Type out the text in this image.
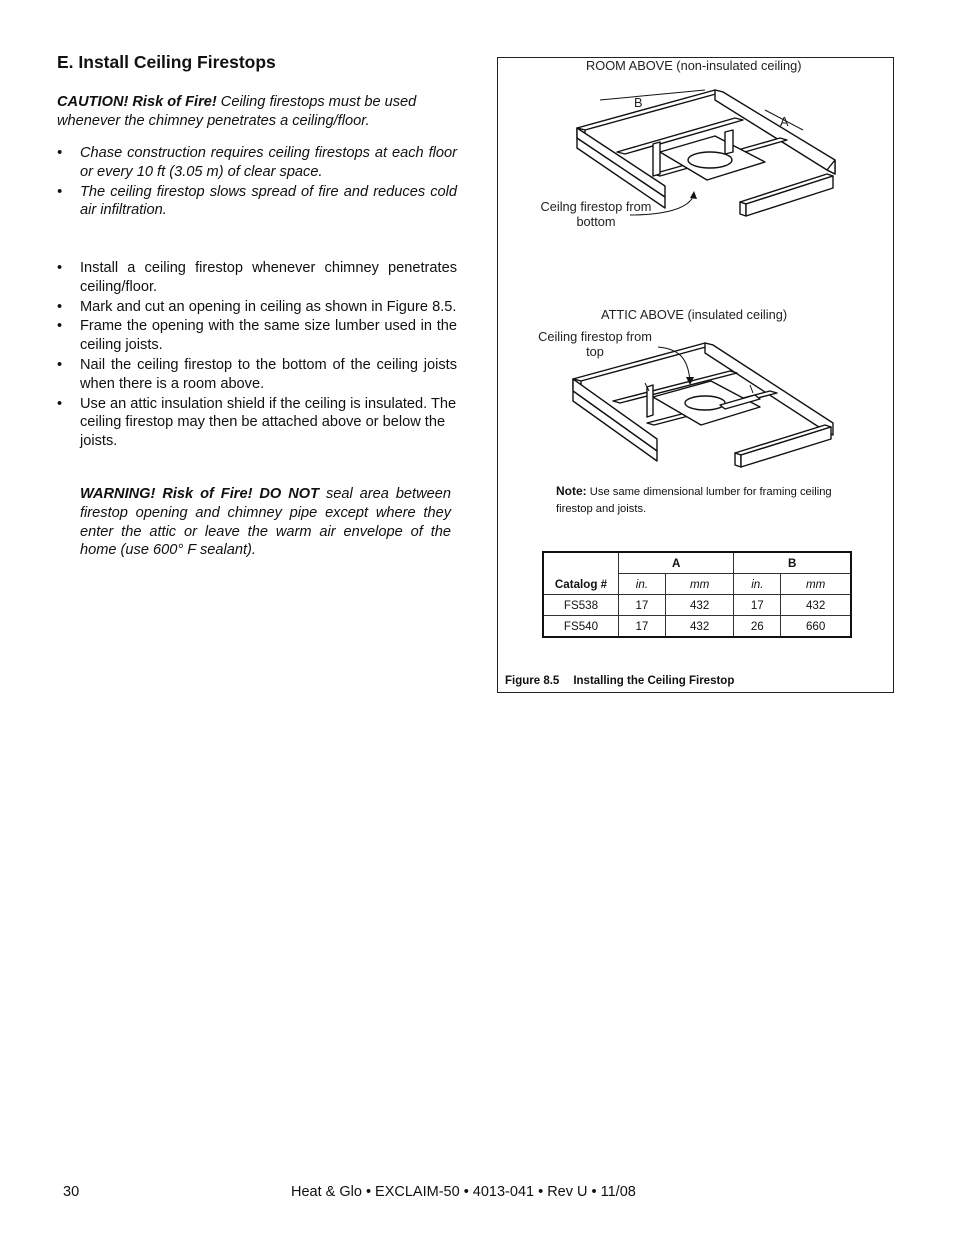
E. Install Ceiling Firestops
CAUTION! Risk of Fire! Ceiling firestops must be used whenever the chimney penetrates a ceiling/floor.
• Chase construction requires ceiling firestops at each floor or every 10 ft (3.05 m) of clear space.
• The ceiling firestop slows spread of fire and reduces cold air infiltration.
• Install a ceiling firestop whenever chimney penetrates ceiling/floor.
• Mark and cut an opening in ceiling as shown in Figure 8.5.
• Frame the opening with the same size lumber used in the ceiling joists.
• Nail the ceiling firestop to the bottom of the ceiling joists when there is a room above.
• Use an attic insulation shield if the ceiling is insulated. The ceiling firestop may then be attached above or below the joists.
WARNING! Risk of Fire! DO NOT seal area between firestop opening and chimney pipe except where they enter the attic or leave the warm air envelope of the home (use 600° F sealant).
ROOM ABOVE (non-insulated ceiling)
B
A
Ceilng firestop from
bottom
ATTIC ABOVE (insulated ceiling)
Ceiling firestop from
top
Note: Use same dimensional lumber for framing ceiling firestop and joists.
Catalog #	A		B	
	in.	mm	in.	mm
FS538	17	432	17	432
FS540	17	432	26	660
Figure 8.5 Installing the Ceiling Firestop
30	Heat & Glo • EXCLAIM-50 • 4013-041 • Rev U • 11/08
